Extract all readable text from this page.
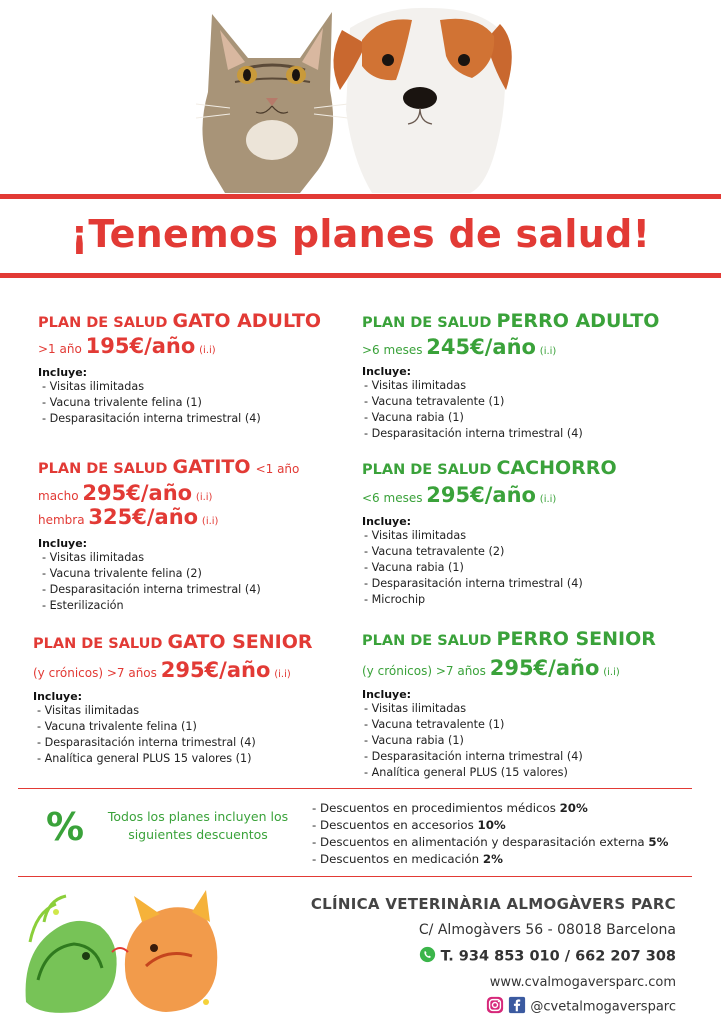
¡Tenemos planes de salud!
PLAN DE SALUD GATO ADULTO
>1 año 195€/año (i.i)
Incluye:
- Visitas ilimitadas
- Vacuna trivalente felina (1)
- Desparasitación interna trimestral (4)
PLAN DE SALUD GATITO <1 año
macho 295€/año (i.i)
hembra 325€/año (i.i)
Incluye:
- Visitas ilimitadas
- Vacuna trivalente felina (2)
- Desparasitación interna trimestral (4)
- Esterilización
PLAN DE SALUD GATO SENIOR
(y crónicos) >7 años 295€/año (i.i)
Incluye:
- Visitas ilimitadas
- Vacuna trivalente felina (1)
- Desparasitación interna trimestral (4)
- Analítica general PLUS 15 valores (1)
PLAN DE SALUD PERRO ADULTO
>6 meses 245€/año (i.i)
Incluye:
- Visitas ilimitadas
- Vacuna tetravalente (1)
- Vacuna rabia (1)
- Desparasitación interna trimestral (4)
PLAN DE SALUD CACHORRO
<6 meses 295€/año (i.i)
Incluye:
- Visitas ilimitadas
- Vacuna tetravalente (2)
- Vacuna rabia (1)
- Desparasitación interna trimestral (4)
- Microchip
PLAN DE SALUD PERRO SENIOR
(y crónicos) >7 años 295€/año (i.i)
Incluye:
- Visitas ilimitadas
- Vacuna tetravalente (1)
- Vacuna rabia (1)
- Desparasitación interna trimestral (4)
- Analítica general PLUS (15 valores)
%	Todos los planes incluyen los siguientes descuentos
- Descuentos en procedimientos médicos 20%
- Descuentos en accesorios 10%
- Descuentos en alimentación y desparasitación externa 5%
- Descuentos en medicación 2%
CLÍNICA VETERINÀRIA ALMOGÀVERS PARC
C/ Almogàvers 56 - 08018 Barcelona
T. 934 853 010 / 662 207 308
www.cvalmogaversparc.com
@cvetalmogaversparc
